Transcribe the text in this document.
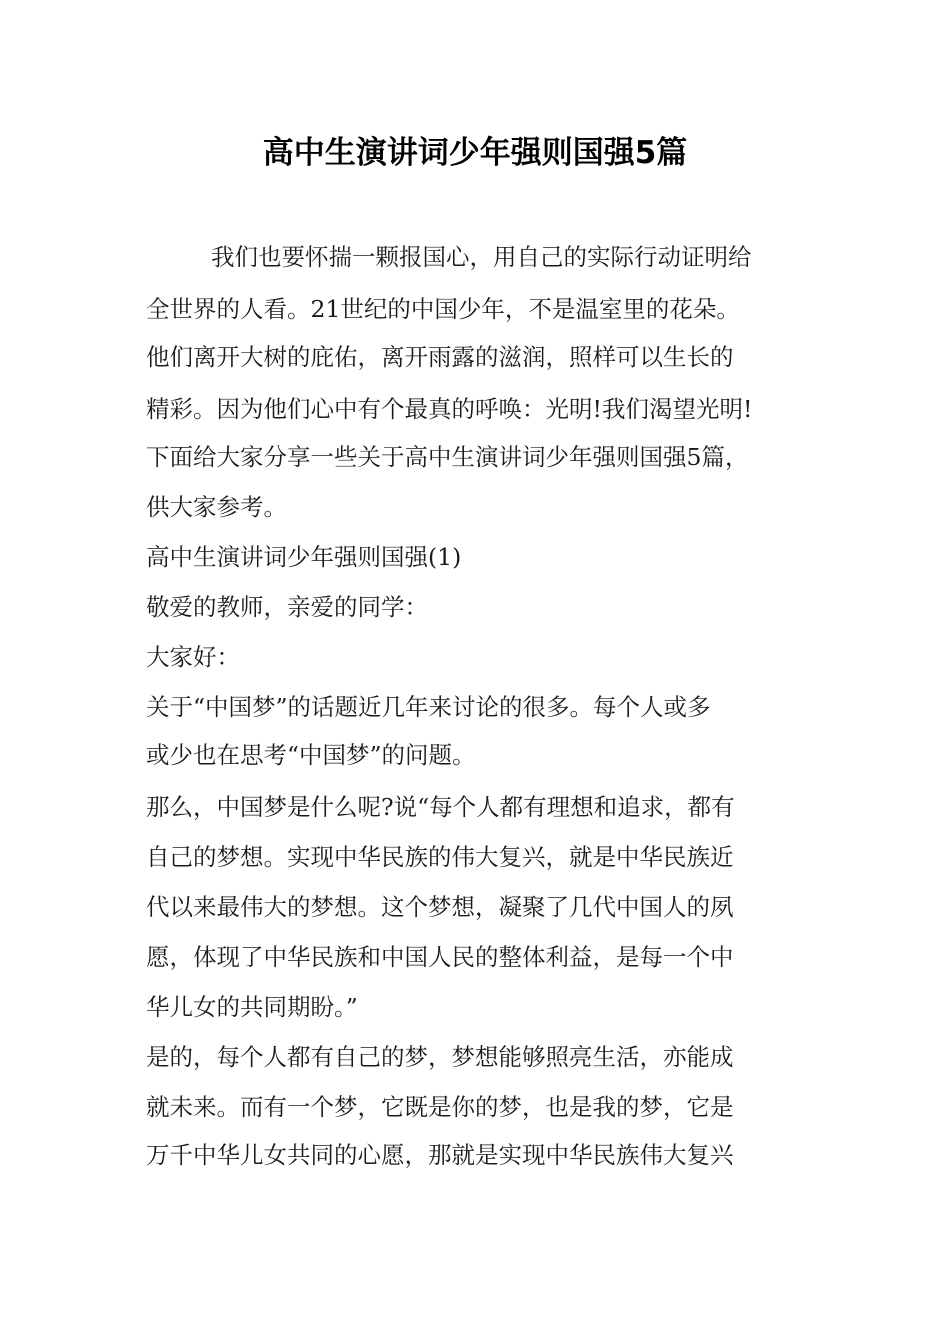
高中生演讲词少年强则国强5篇
我们也要怀揣一颗报国心，用自己的实际行动证明给
全世界的人看。21世纪的中国少年，不是温室里的花朵。
他们离开大树的庇佑，离开雨露的滋润，照样可以生长的
精彩。因为他们心中有个最真的呼唤：光明!我们渴望光明!
下面给大家分享一些关于高中生演讲词少年强则国强5篇，
供大家参考。
高中生演讲词少年强则国强(1)
敬爱的教师，亲爱的同学：
大家好：
关于“中国梦”的话题近几年来讨论的很多。每个人或多
或少也在思考“中国梦”的问题。
那么，中国梦是什么呢?说“每个人都有理想和追求，都有
自己的梦想。实现中华民族的伟大复兴，就是中华民族近
代以来最伟大的梦想。这个梦想，凝聚了几代中国人的夙
愿，体现了中华民族和中国人民的整体利益，是每一个中
华儿女的共同期盼。”
是的，每个人都有自己的梦，梦想能够照亮生活，亦能成
就未来。而有一个梦，它既是你的梦，也是我的梦，它是
万千中华儿女共同的心愿，那就是实现中华民族伟大复兴
